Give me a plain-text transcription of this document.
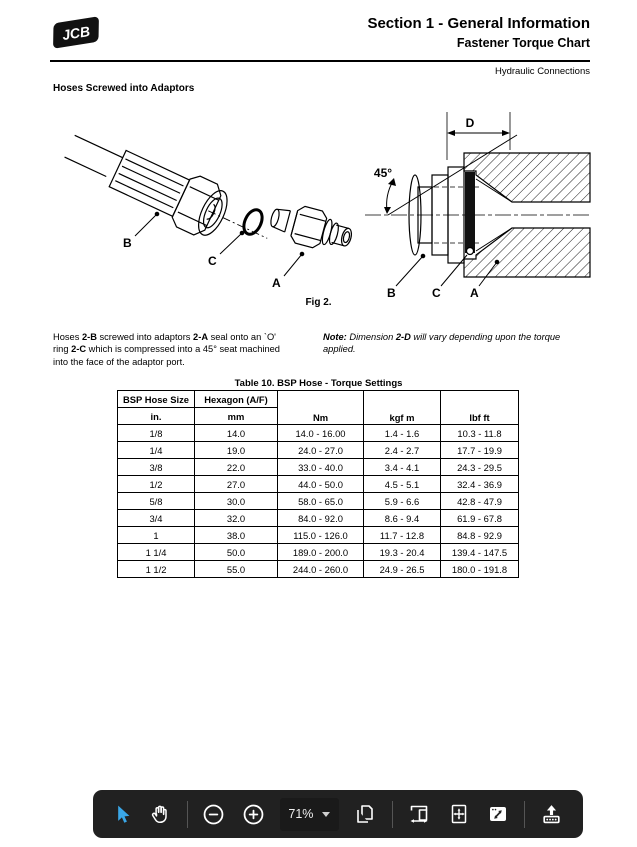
JCB	Section 1 - General Information
Fastener Torque Chart
Hydraulic Connections
Hoses Screwed into Adaptors
B
C
A
D
45°
B	C A
Fig 2.
Hoses 2-B screwed into adaptors 2-A seal onto an `O' ring 2-C which is compressed into a 45° seat machined into the face of the adaptor port.
Note: Dimension 2-D will vary depending upon the torque applied.
Table 10. BSP Hose - Torque Settings
BSP Hose Size	Hexagon (A/F)	Nm	kgf m	lbf ft
in.	mm			
1/8	14.0	14.0 - 16.00	1.4 - 1.6	10.3 - 11.8
1/4	19.0	24.0 - 27.0	2.4 - 2.7	17.7 - 19.9
3/8	22.0	33.0 - 40.0	3.4 - 4.1	24.3 - 29.5
1/2	27.0	44.0 - 50.0	4.5 - 5.1	32.4 - 36.9
5/8	30.0	58.0 - 65.0	5.9 - 6.6	42.8 - 47.9
3/4	32.0	84.0 - 92.0	8.6 - 9.4	61.9 - 67.8
1	38.0	115.0 - 126.0	11.7 - 12.8	84.8 - 92.9
1 1/4	50.0	189.0 - 200.0	19.3 - 20.4	139.4 - 147.5
1 1/2	55.0	244.0 - 260.0	24.9 - 26.5	180.0 - 191.8
71%
